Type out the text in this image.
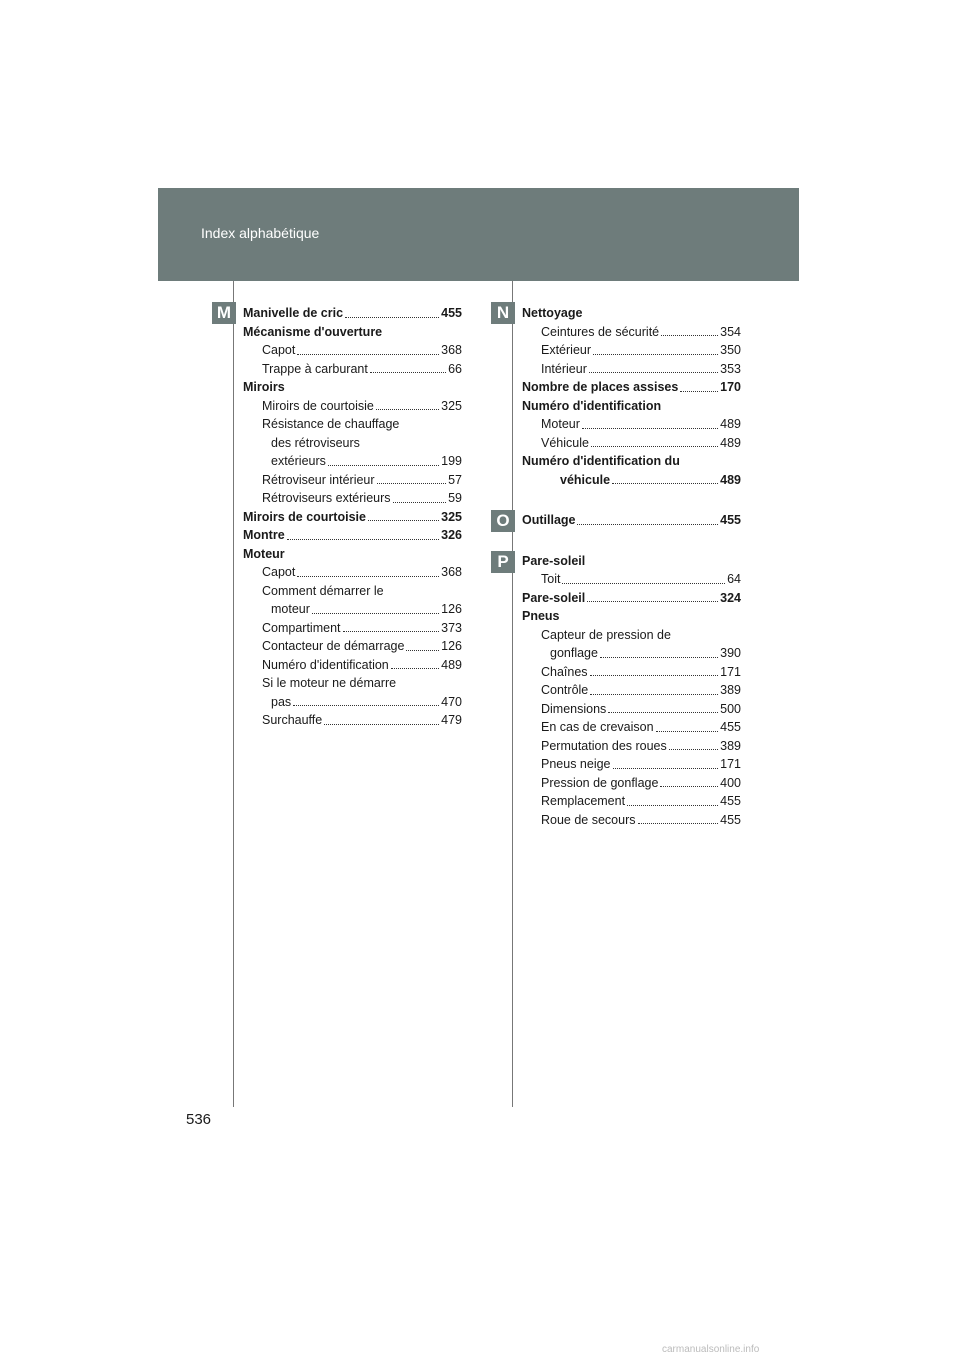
Index alphabétique
M	N
O
P
Manivelle de cric	455
Mécanisme d'ouverture
Capot	368
Trappe à carburant	66
Miroirs
Miroirs de courtoisie	325
Résistance de chauffage
des rétroviseurs
extérieurs	199
Rétroviseur intérieur	57
Rétroviseurs extérieurs	59
Miroirs de courtoisie	325
Montre	326
Moteur
Capot	368
Comment démarrer le
moteur	126
Compartiment	373
Contacteur de démarrage	126
Numéro d'identification	489
Si le moteur ne démarre
pas	470
Surchauffe	479
Nettoyage
Ceintures de sécurité	354
Extérieur	350
Intérieur	353
Nombre de places assises	170
Numéro d'identification
Moteur	489
Véhicule	489
Numéro d'identification du
véhicule	489
Outillage	455
Pare-soleil
Toit	64
Pare-soleil	324
Pneus
Capteur de pression de
gonflage	390
Chaînes	171
Contrôle	389
Dimensions	500
En cas de crevaison	455
Permutation des roues	389
Pneus neige	171
Pression de gonflage	400
Remplacement	455
Roue de secours	455
536
carmanualsonline.info
